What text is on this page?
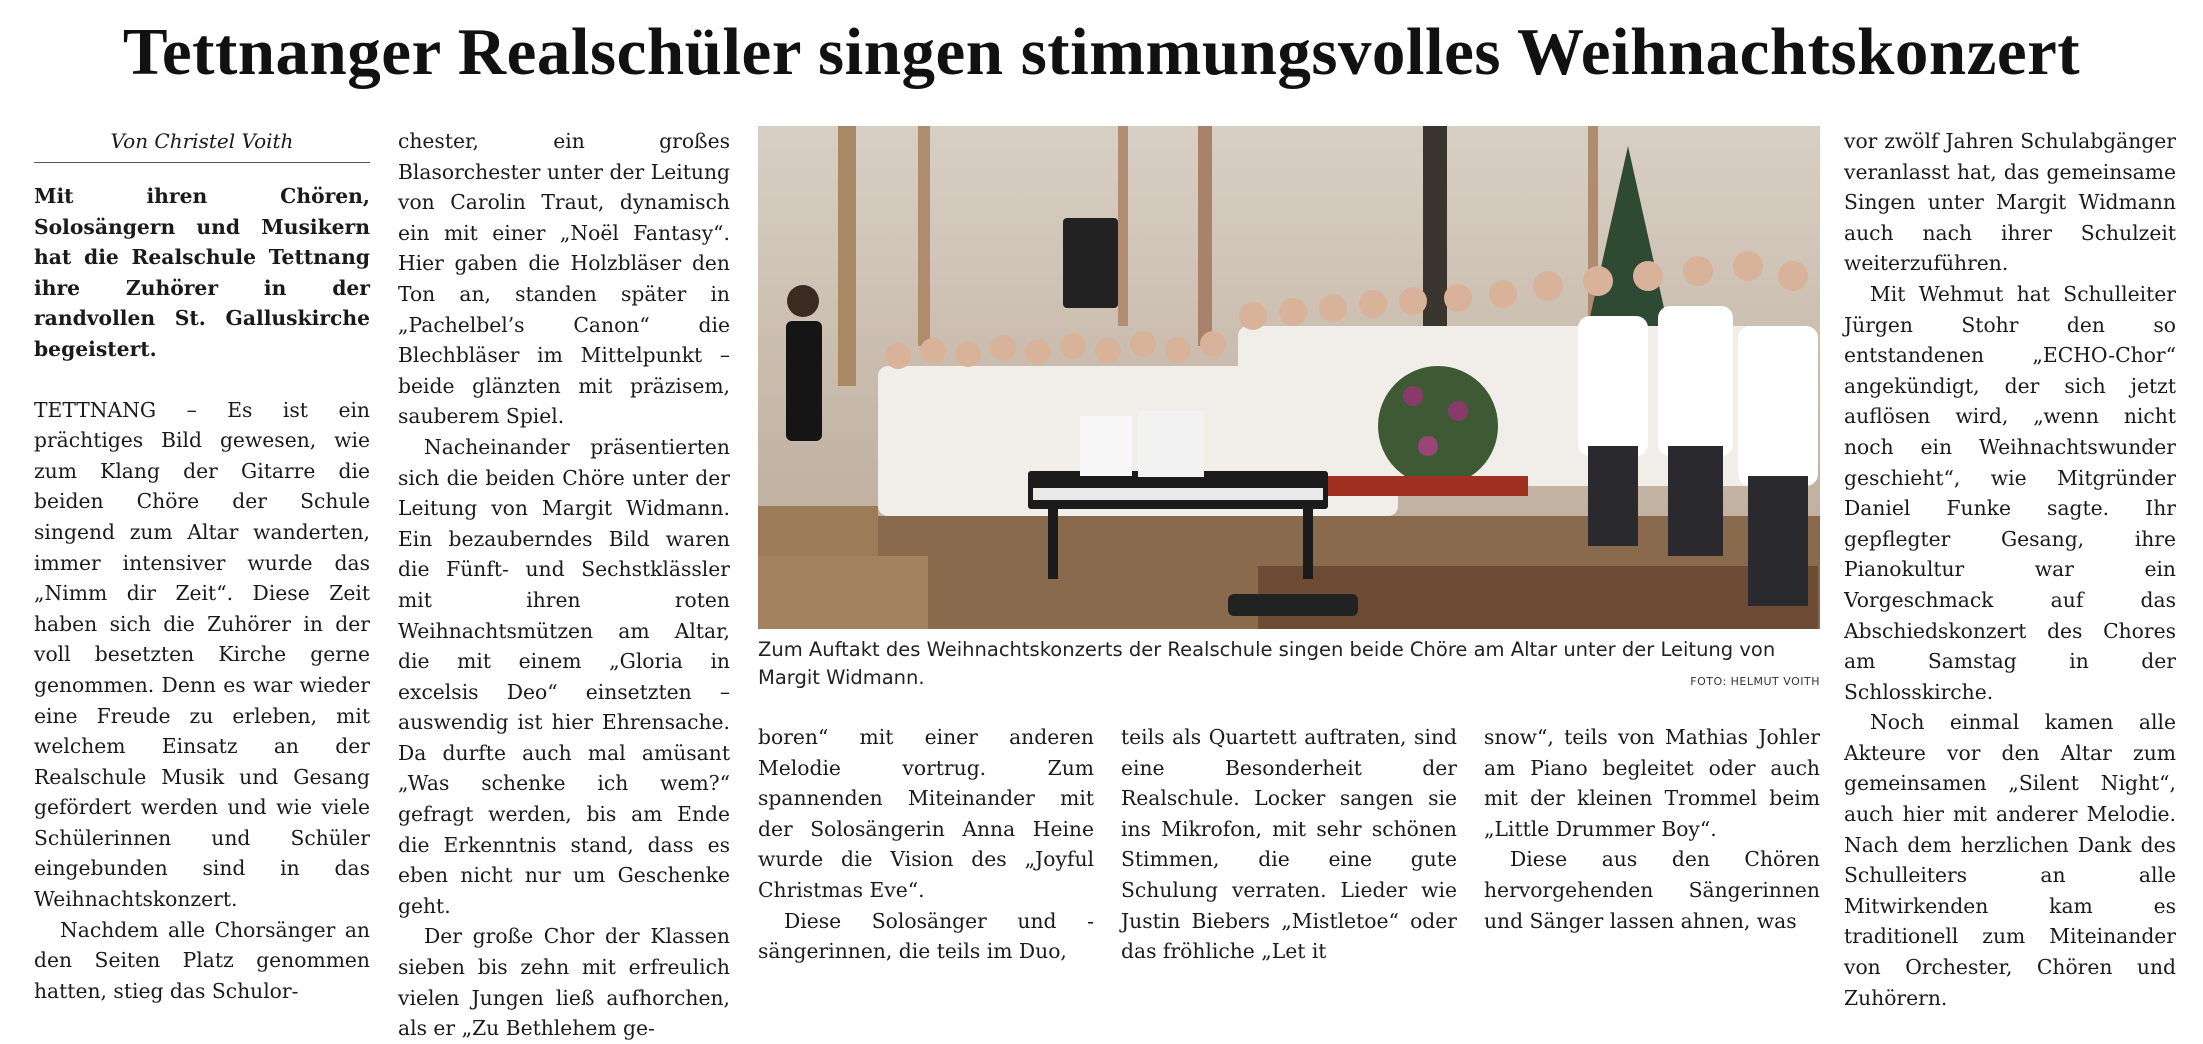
Tettnanger Realschüler singen stimmungsvolles Weihnachtskonzert
Von Christel Voith
Mit ihren Chören, Solosängern und Musikern hat die Realschule Tettnang ihre Zuhörer in der randvollen St. Galluskirche begeistert.

TETTNANG – Es ist ein prächtiges Bild gewesen, wie zum Klang der Gitarre die beiden Chöre der Schule singend zum Altar wanderten, immer intensiver wurde das „Nimm dir Zeit“. Diese Zeit haben sich die Zuhörer in der voll besetzten Kirche gerne genommen. Denn es war wieder eine Freude zu erleben, mit welchem Einsatz an der Realschule Musik und Gesang gefördert werden und wie viele Schülerinnen und Schüler eingebunden sind in das Weihnachtskonzert.

Nachdem alle Chorsänger an den Seiten Platz genommen hatten, stieg das Schulor-

chester, ein großes Blasorchester unter der Leitung von Carolin Traut, dynamisch ein mit einer „Noël Fantasy“. Hier gaben die Holzbläser den Ton an, standen später in „Pachelbel’s Canon“ die Blechbläser im Mittelpunkt – beide glänzten mit präzisem, sauberem Spiel.

Nacheinander präsentierten sich die beiden Chöre unter der Leitung von Margit Widmann. Ein bezauberndes Bild waren die Fünft- und Sechstklässler mit ihren roten Weihnachtsmützen am Altar, die mit einem „Gloria in excelsis Deo“ einsetzten – auswendig ist hier Ehrensache. Da durfte auch mal amüsant „Was schenke ich wem?“ gefragt werden, bis am Ende die Erkenntnis stand, dass es eben nicht nur um Geschenke geht.

Der große Chor der Klassen sieben bis zehn mit erfreulich vielen Jungen ließ aufhorchen, als er „Zu Bethlehem ge-

Zum Auftakt des Weihnachtskonzerts der Realschule singen beide Chöre am Altar unter der Leitung von Margit Widmann.	FOTO: HELMUT VOITH

boren“ mit einer anderen Melodie vortrug. Zum spannenden Miteinander mit der Solosängerin Anna Heine wurde die Vision des „Joyful Christmas Eve“.

Diese Solosänger und -sängerinnen, die teils im Duo,

teils als Quartett auftraten, sind eine Besonderheit der Realschule. Locker sangen sie ins Mikrofon, mit sehr schönen Stimmen, die eine gute Schulung verraten. Lieder wie Justin Biebers „Mistletoe“ oder das fröhliche „Let it

snow“, teils von Mathias Johler am Piano begleitet oder auch mit der kleinen Trommel beim „Little Drummer Boy“.

Diese aus den Chören hervorgehenden Sängerinnen und Sänger lassen ahnen, was

vor zwölf Jahren Schulabgänger veranlasst hat, das gemeinsame Singen unter Margit Widmann auch nach ihrer Schulzeit weiterzuführen.

Mit Wehmut hat Schulleiter Jürgen Stohr den so entstandenen „ECHO-Chor“ angekündigt, der sich jetzt auflösen wird, „wenn nicht noch ein Weihnachtswunder geschieht“, wie Mitgründer Daniel Funke sagte. Ihr gepflegter Gesang, ihre Pianokultur war ein Vorgeschmack auf das Abschiedskonzert des Chores am Samstag in der Schlosskirche.

Noch einmal kamen alle Akteure vor den Altar zum gemeinsamen „Silent Night“, auch hier mit anderer Melodie. Nach dem herzlichen Dank des Schulleiters an alle Mitwirkenden kam es traditionell zum Miteinander von Orchester, Chören und Zuhörern.
